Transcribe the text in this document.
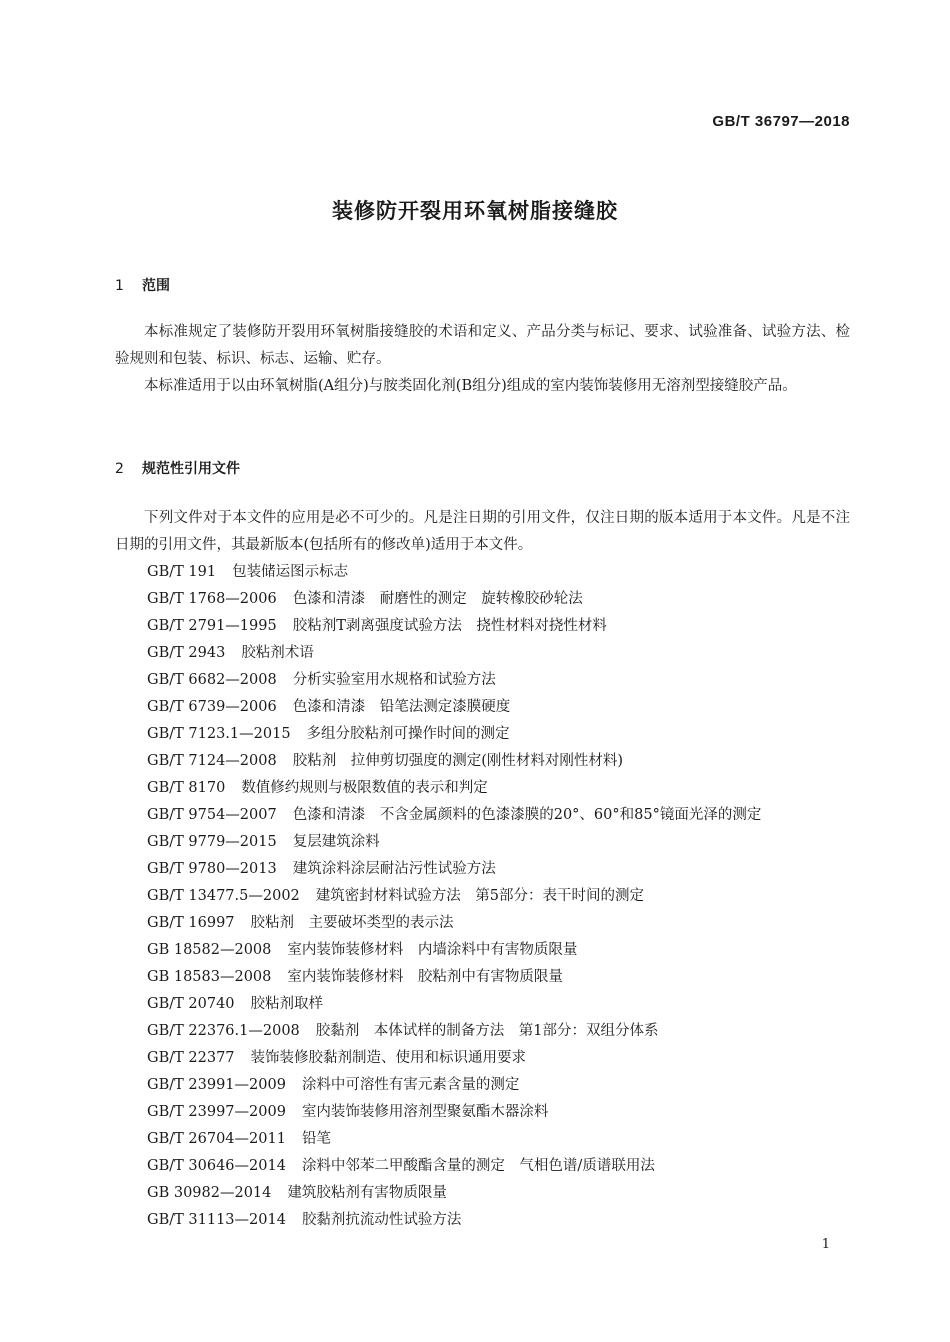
GB/T 36797—2018
装修防开裂用环氧树脂接缝胶
1 范围

本标准规定了装修防开裂用环氧树脂接缝胶的术语和定义、产品分类与标记、要求、试验准备、试验方法、检验规则和包装、标识、标志、运输、贮存。

本标准适用于以由环氧树脂(A组分)与胺类固化剂(B组分)组成的室内装饰装修用无溶剂型接缝胶产品。

2 规范性引用文件

下列文件对于本文件的应用是必不可少的。凡是注日期的引用文件，仅注日期的版本适用于本文件。凡是不注日期的引用文件，其最新版本(包括所有的修改单)适用于本文件。

GB/T 191 包装储运图示标志
GB/T 1768—2006 色漆和清漆　耐磨性的测定　旋转橡胶砂轮法
GB/T 2791—1995 胶粘剂T剥离强度试验方法　挠性材料对挠性材料
GB/T 2943 胶粘剂术语
GB/T 6682—2008 分析实验室用水规格和试验方法
GB/T 6739—2006 色漆和清漆　铅笔法测定漆膜硬度
GB/T 7123.1—2015 多组分胶粘剂可操作时间的测定
GB/T 7124—2008 胶粘剂　拉伸剪切强度的测定(刚性材料对刚性材料)
GB/T 8170 数值修约规则与极限数值的表示和判定
GB/T 9754—2007 色漆和清漆　不含金属颜料的色漆漆膜的20°、60°和85°镜面光泽的测定
GB/T 9779—2015 复层建筑涂料
GB/T 9780—2013 建筑涂料涂层耐沾污性试验方法
GB/T 13477.5—2002 建筑密封材料试验方法　第5部分：表干时间的测定
GB/T 16997 胶粘剂　主要破坏类型的表示法
GB 18582—2008 室内装饰装修材料　内墙涂料中有害物质限量
GB 18583—2008 室内装饰装修材料　胶粘剂中有害物质限量
GB/T 20740 胶粘剂取样
GB/T 22376.1—2008 胶黏剂　本体试样的制备方法　第1部分：双组分体系
GB/T 22377 装饰装修胶黏剂制造、使用和标识通用要求
GB/T 23991—2009 涂料中可溶性有害元素含量的测定
GB/T 23997—2009 室内装饰装修用溶剂型聚氨酯木器涂料
GB/T 26704—2011 铅笔
GB/T 30646—2014 涂料中邻苯二甲酸酯含量的测定　气相色谱/质谱联用法
GB 30982—2014 建筑胶粘剂有害物质限量
GB/T 31113—2014 胶黏剂抗流动性试验方法
1
